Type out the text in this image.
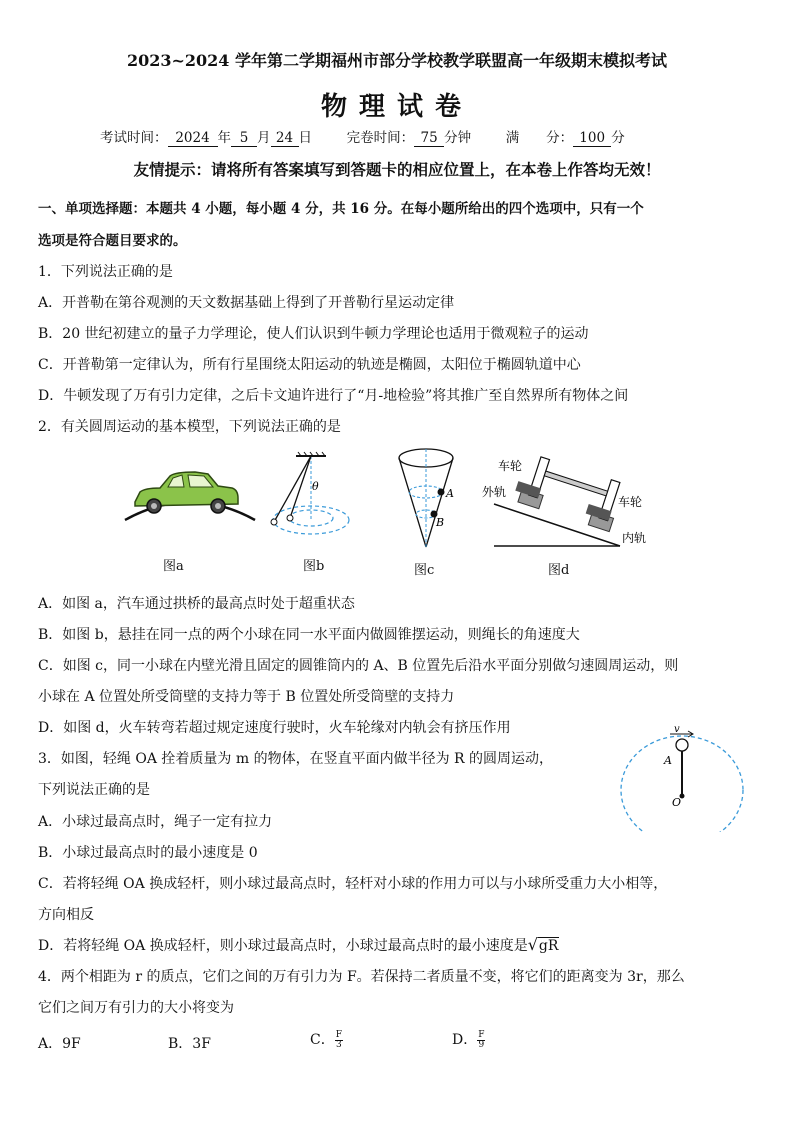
2023~2024 学年第二学期福州市部分学校教学联盟高一年级期末模拟考试
物理试卷
考试时间： 2024 年 5 月 24 日	完卷时间： 75 分钟	满　　分： 100 分
友情提示：请将所有答案填写到答题卡的相应位置上，在本卷上作答均无效！
一、单项选择题：本题共 4 小题，每小题 4 分，共 16 分。在每小题所给出的四个选项中，只有一个
选项是符合题目要求的。
1．下列说法正确的是
A．开普勒在第谷观测的天文数据基础上得到了开普勒行星运动定律
B．20 世纪初建立的量子力学理论，使人们认识到牛顿力学理论也适用于微观粒子的运动
C．开普勒第一定律认为，所有行星围绕太阳运动的轨迹是椭圆，太阳位于椭圆轨道中心
D．牛顿发现了万有引力定律，之后卡文迪许进行了“月-地检验”将其推广至自然界所有物体之间
2．有关圆周运动的基本模型，下列说法正确的是
图a
θ
图b
A
B
图c
车轮
外轨
车轮
内轨
图d
A．如图 a，汽车通过拱桥的最高点时处于超重状态
B．如图 b，悬挂在同一点的两个小球在同一水平面内做圆锥摆运动，则绳长的角速度大
C．如图 c，同一小球在内壁光滑且固定的圆锥筒内的 A、B 位置先后沿水平面分别做匀速圆周运动，则
小球在 A 位置处所受筒壁的支持力等于 B 位置处所受筒壁的支持力
D．如图 d，火车转弯若超过规定速度行驶时，火车轮缘对内轨会有挤压作用
3．如图，轻绳 OA 拴着质量为 m 的物体，在竖直平面内做半径为 R 的圆周运动，
下列说法正确的是
v
A
O
A．小球过最高点时，绳子一定有拉力
B．小球过最高点时的最小速度是 0
C．若将轻绳 OA 换成轻杆，则小球过最高点时，轻杆对小球的作用力可以与小球所受重力大小相等，
方向相反
D．若将轻绳 OA 换成轻杆，则小球过最高点时，小球过最高点时的最小速度是√gR
4．两个相距为 r 的质点，它们之间的万有引力为 F。若保持二者质量不变，将它们的距离变为 3r，那么
它们之间万有引力的大小将变为
A．9F	B．3F	C． $\frac{F}{3}$	D． $\frac{F}{9}$
